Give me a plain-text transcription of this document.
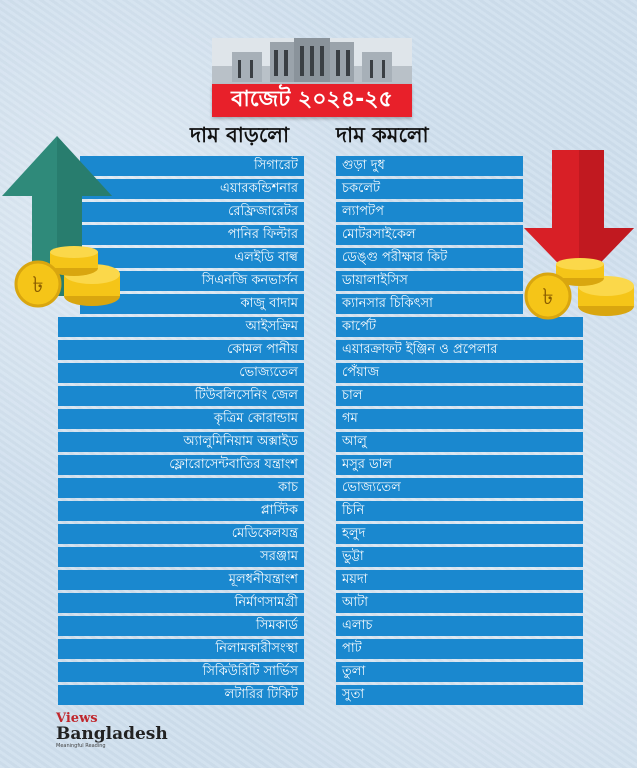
বাজেট ২০২৪-২৫
দাম বাড়লো দাম কমলো
সিগারেট	গুড়া দুধ
এয়ারকন্ডিশনার	চকলেট
রেফ্রিজারেটর	ল্যাপটপ
পানির ফিল্টার	মোটরসাইকেল
এলইডি বাল্ব	ডেঙ্গু পরীক্ষার কিট
সিএনজি কনভার্সন	ডায়ালাইসিস
কাজু বাদাম	ক্যানসার চিকিৎসা
আইসক্রিম	কার্পেট
কোমল পানীয়	এয়ারক্রাফট ইঞ্জিন ও প্রপেলার
ভোজ্যতেল	পেঁয়াজ
টিউবলিসেনিং জেল	চাল
কৃত্রিম কোরান্ডাম	গম
অ্যালুমিনিয়াম অক্সাইড	আলু
ফ্লোরোসেন্টবাতির যন্ত্রাংশ	মসুর ডাল
কাচ	ভোজ্যতেল
প্লাস্টিক	চিনি
মেডিকেলযন্ত্র	হলুদ
সরঞ্জাম	ভুট্টা
মূলধনীযন্ত্রাংশ	ময়দা
নির্মাণসামগ্রী	আটা
সিমকার্ড	এলাচ
নিলামকারীসংস্থা	পাট
সিকিউরিটি সার্ভিস	তুলা
লটারির টিকিট	সুতা
৳	৳
Views
Bangladesh
Meaningful Reading
